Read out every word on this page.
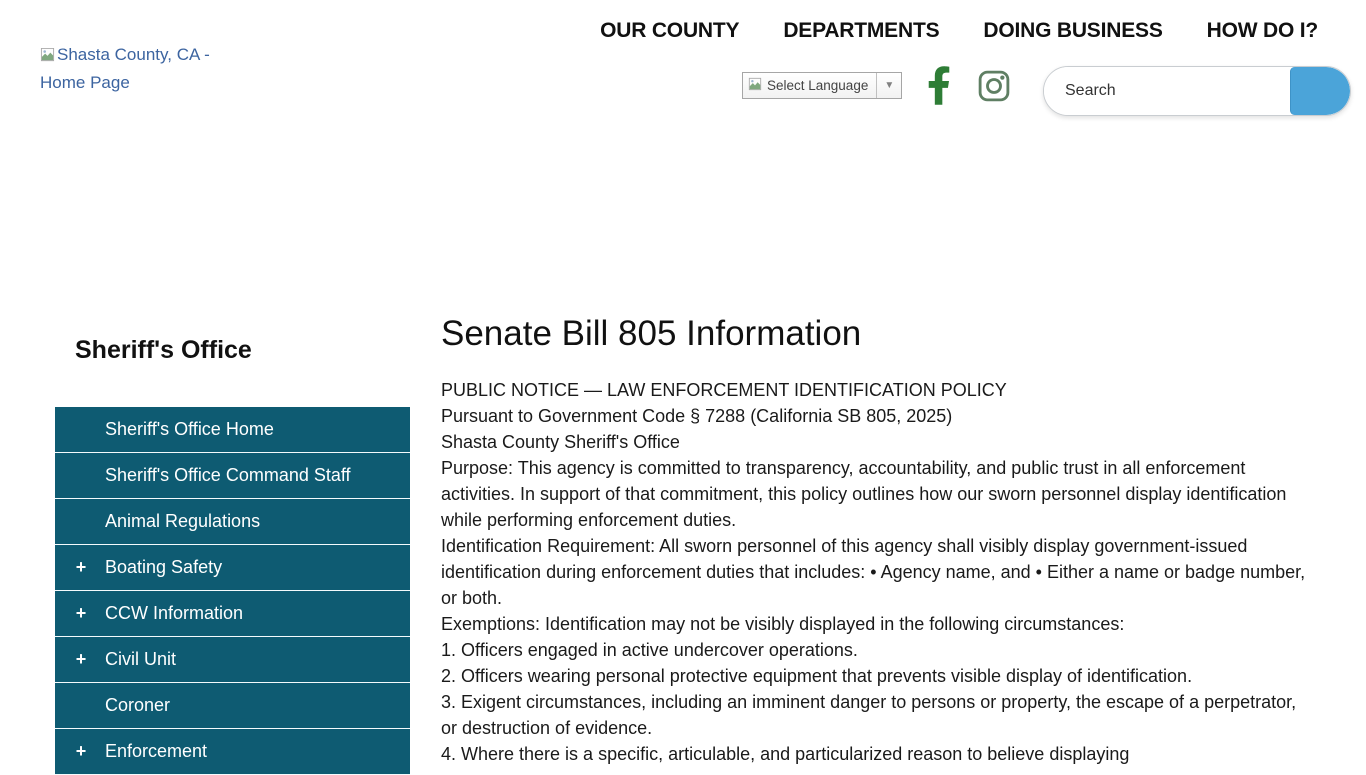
Shasta County, CA - Home Page
OUR COUNTY DEPARTMENTS DOING BUSINESS HOW DO I?
Select Language	▼
Search
Sheriff's Office
Sheriff's Office Home
Sheriff's Office Command Staff
Animal Regulations
+	Boating Safety
+	CCW Information
+	Civil Unit
Coroner
+	Enforcement
Senate Bill 805 Information

PUBLIC NOTICE — LAW ENFORCEMENT IDENTIFICATION POLICY

Pursuant to Government Code § 7288 (California SB 805, 2025)

Shasta County Sheriff's Office

Purpose: This agency is committed to transparency, accountability, and public trust in all enforcement activities. In support of that commitment, this policy outlines how our sworn personnel display identification while performing enforcement duties.

Identification Requirement: All sworn personnel of this agency shall visibly display government-issued identification during enforcement duties that includes: • Agency name, and • Either a name or badge number, or both.

Exemptions: Identification may not be visibly displayed in the following circumstances:

1. Officers engaged in active undercover operations.

2. Officers wearing personal protective equipment that prevents visible display of identification.

3. Exigent circumstances, including an imminent danger to persons or property, the escape of a perpetrator, or destruction of evidence.

4. Where there is a specific, articulable, and particularized reason to believe displaying
